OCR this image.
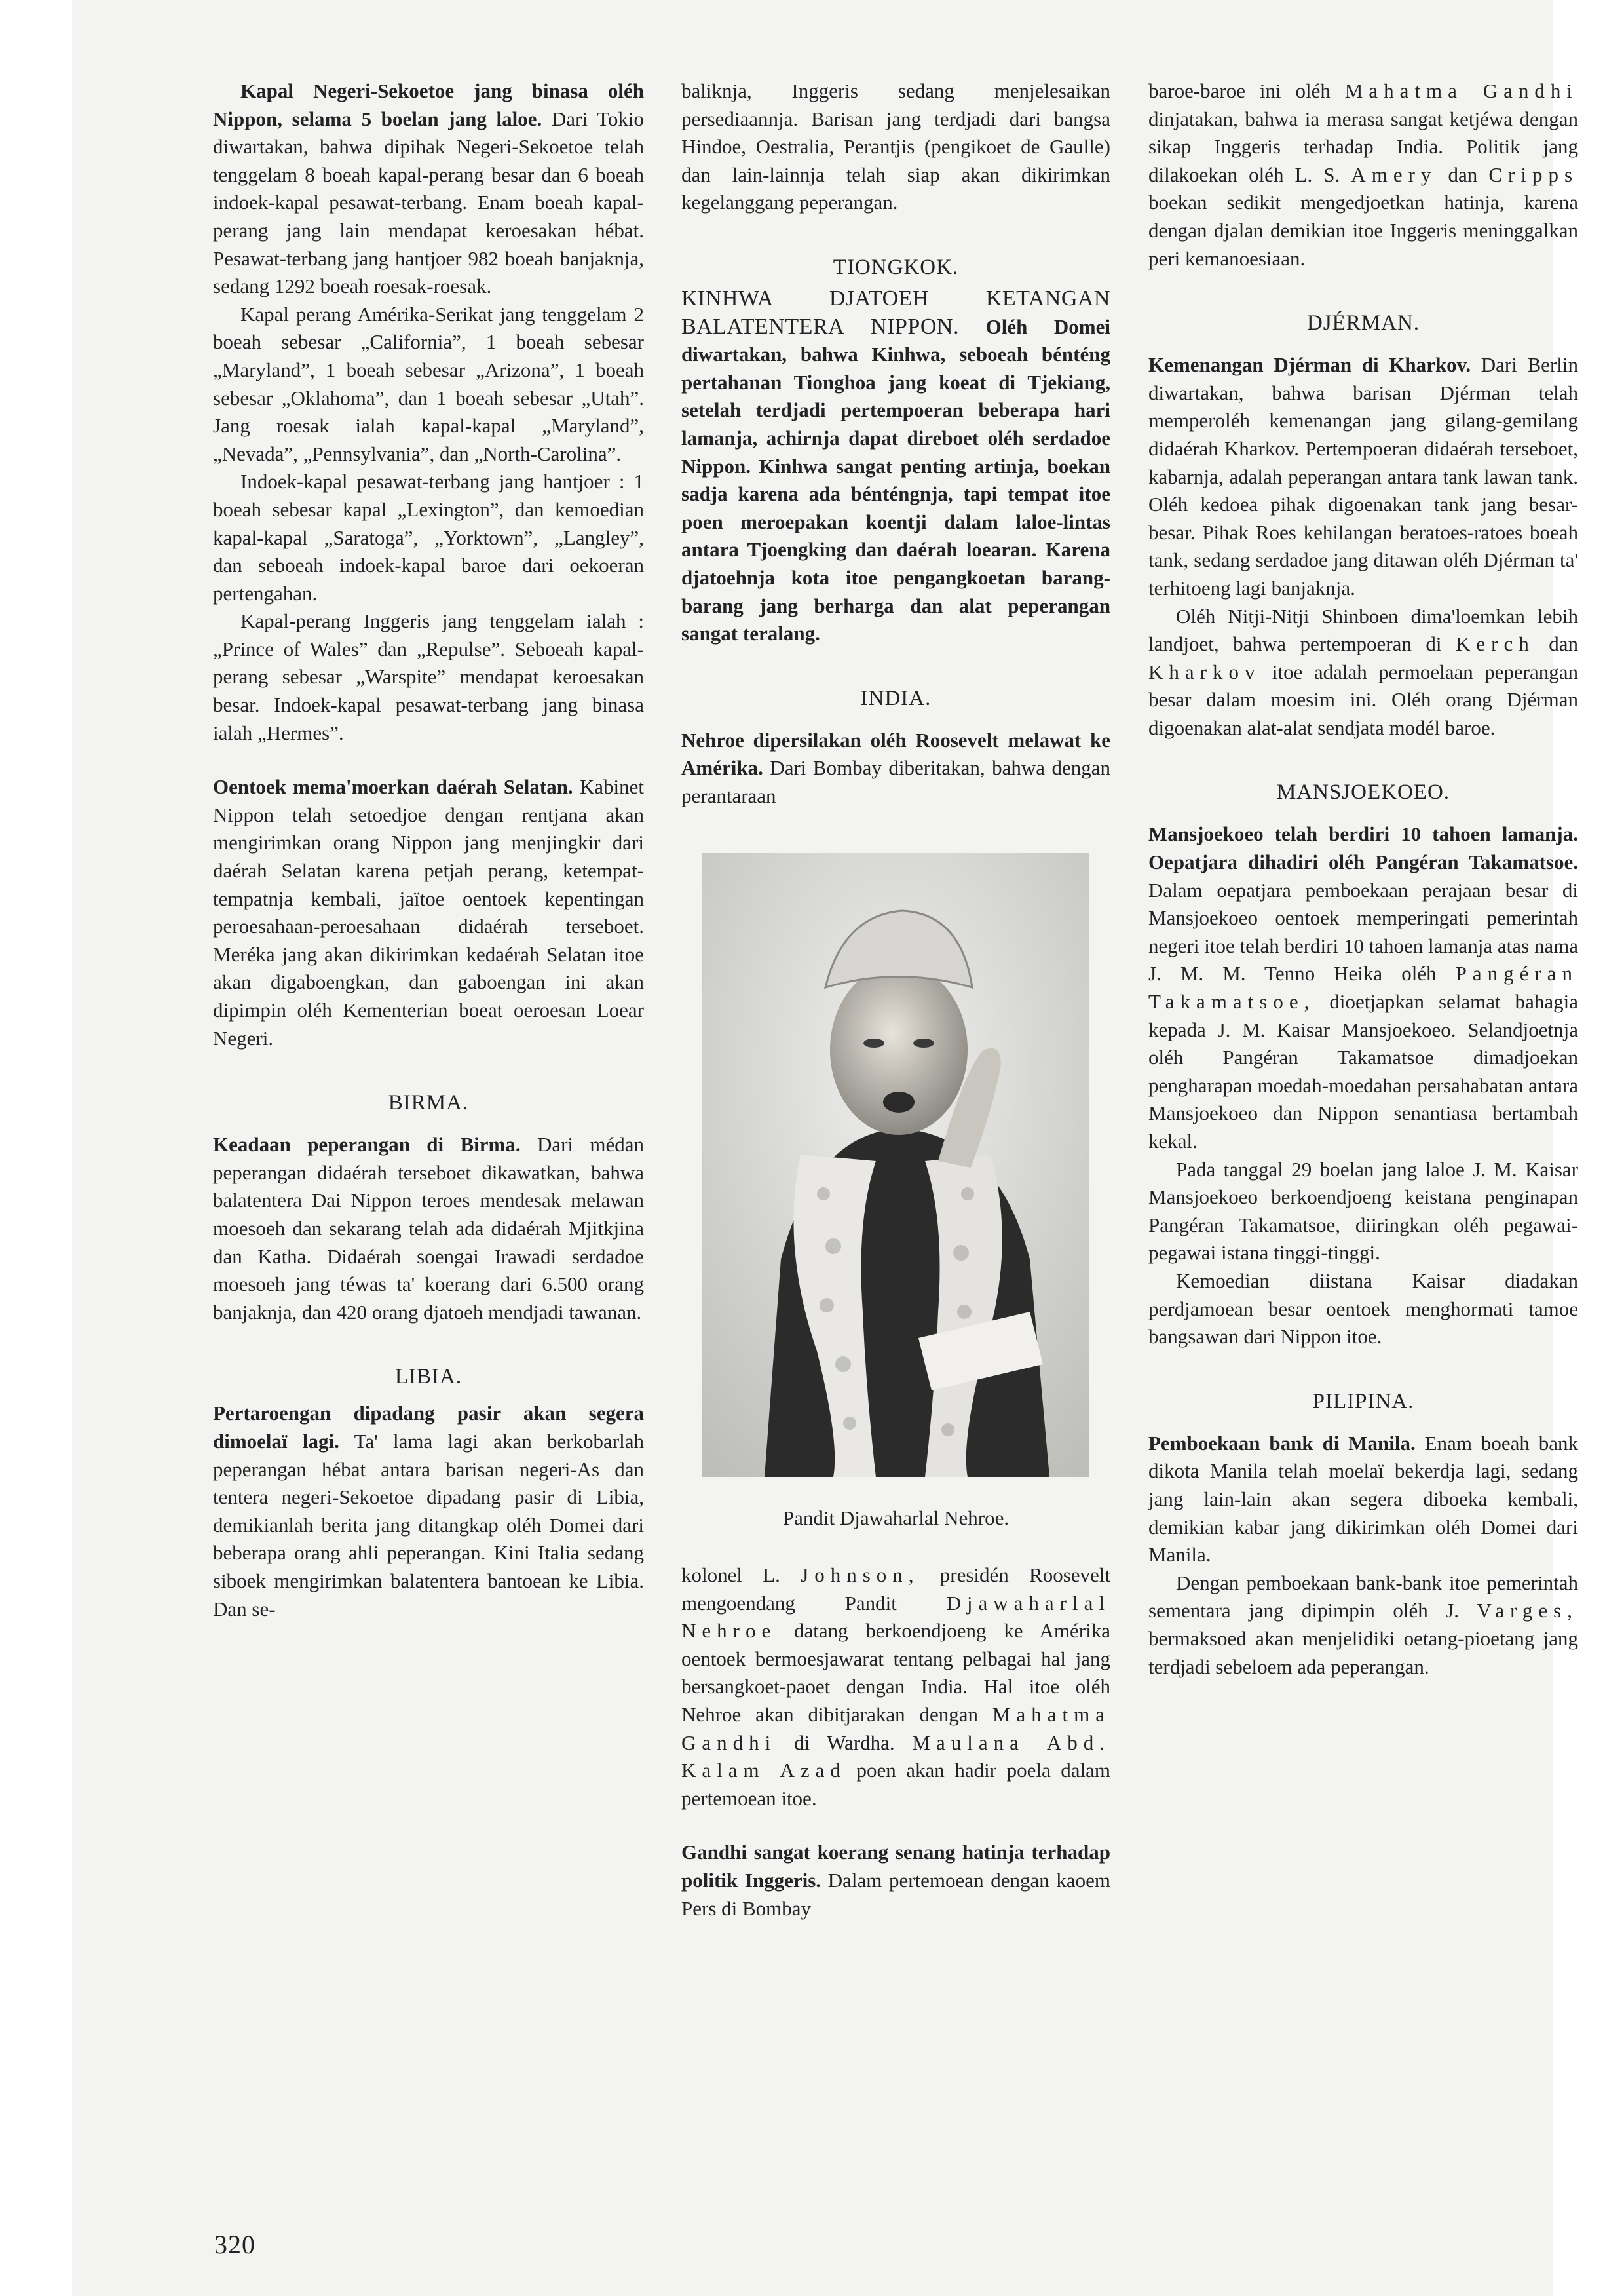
Kapal Negeri-Sekoetoe jang binasa oléh Nippon, selama 5 boelan jang laloe. Dari Tokio diwartakan, bahwa dipihak Negeri-Sekoetoe telah tenggelam 8 boeah kapal-perang besar dan 6 boeah indoek-kapal pesawat-terbang. Enam boeah kapal-perang jang lain mendapat keroesakan hébat. Pesawat-terbang jang hantjoer 982 boeah banjaknja, sedang 1292 boeah roesak-roesak.

Kapal perang Amérika-Serikat jang tenggelam 2 boeah sebesar „California”, 1 boeah sebesar „Maryland”, 1 boeah sebesar „Arizona”, 1 boeah sebesar „Oklahoma”, dan 1 boeah sebesar „Utah”. Jang roesak ialah kapal-kapal „Maryland”, „Nevada”, „Pennsylvania”, dan „North-Carolina”.

Indoek-kapal pesawat-terbang jang hantjoer : 1 boeah sebesar kapal „Lexington”, dan kemoedian kapal-kapal „Saratoga”, „Yorktown”, „Langley”, dan seboeah indoek-kapal baroe dari oekoeran pertengahan.

Kapal-perang Inggeris jang tenggelam ialah : „Prince of Wales” dan „Repulse”. Seboeah kapal-perang sebesar „Warspite” mendapat keroesakan besar. Indoek-kapal pesawat-terbang jang binasa ialah „Hermes”.

Oentoek mema'moerkan daérah Selatan. Kabinet Nippon telah setoedjoe dengan rentjana akan mengirimkan orang Nippon jang menjingkir dari daérah Selatan karena petjah perang, ketempat-tempatnja kembali, jaïtoe oentoek kepentingan peroesahaan-peroesahaan didaérah terseboet. Meréka jang akan dikirimkan kedaérah Selatan itoe akan digaboengkan, dan gaboengan ini akan dipimpin oléh Kementerian boeat oeroesan Loear Negeri.

BIRMA.

Keadaan peperangan di Birma. Dari médan peperangan didaérah terseboet dikawatkan, bahwa balatentera Dai Nippon teroes mendesak melawan moesoeh dan sekarang telah ada didaérah Mjitkjina dan Katha. Didaérah soengai Irawadi serdadoe moesoeh jang téwas ta' koerang dari 6.500 orang banjaknja, dan 420 orang djatoeh mendjadi tawanan.

LIBIA.

Pertaroengan dipadang pasir akan segera dimoelaï lagi. Ta' lama lagi akan berkobarlah peperangan hébat antara barisan negeri-As dan tentera negeri-Sekoetoe dipadang pasir di Libia, demikianlah berita jang ditangkap oléh Domei dari beberapa orang ahli peperangan. Kini Italia sedang siboek mengirimkan balatentera bantoean ke Libia. Dan se-

baliknja, Inggeris sedang menjelesaikan persediaannja. Barisan jang terdjadi dari bangsa Hindoe, Oestralia, Perantjis (pengikoet de Gaulle) dan lain-lainnja telah siap akan dikirimkan kegelanggang peperangan.

TIONGKOK.

KINHWA DJATOEH KETANGAN BALATENTERA NIPPON. Oléh Domei diwartakan, bahwa Kinhwa, seboeah bénténg pertahanan Tionghoa jang koeat di Tjekiang, setelah terdjadi pertempoeran beberapa hari lamanja, achirnja dapat direboet oléh serdadoe Nippon. Kinhwa sangat penting artinja, boekan sadja karena ada bénténgnja, tapi tempat itoe poen meroepakan koentji dalam laloe-lintas antara Tjoengking dan daérah loearan. Karena djatoehnja kota itoe pengangkoetan barang-barang jang berharga dan alat peperangan sangat teralang.

INDIA.

Nehroe dipersilakan oléh Roosevelt melawat ke Amérika. Dari Bombay diberitakan, bahwa dengan perantaraan

Pandit Djawaharlal Nehroe.

kolonel L. Johnson, presidén Roosevelt mengoendang Pandit Djawaharlal Nehroe datang berkoendjoeng ke Amérika oentoek bermoesjawarat tentang pelbagai hal jang bersangkoet-paoet dengan India. Hal itoe oléh Nehroe akan dibitjarakan dengan Mahatma Gandhi di Wardha. Maulana Abd. Kalam Azad poen akan hadir poela dalam pertemoean itoe.

Gandhi sangat koerang senang hatinja terhadap politik Inggeris. Dalam pertemoean dengan kaoem Pers di Bombay

baroe-baroe ini oléh Mahatma Gandhi dinjatakan, bahwa ia merasa sangat ketjéwa dengan sikap Inggeris terhadap India. Politik jang dilakoekan oléh L. S. Amery dan Cripps boekan sedikit mengedjoetkan hatinja, karena dengan djalan demikian itoe Inggeris meninggalkan peri kemanoesiaan.

DJÉRMAN.

Kemenangan Djérman di Kharkov. Dari Berlin diwartakan, bahwa barisan Djérman telah memperoléh kemenangan jang gilang-gemilang didaérah Kharkov. Pertempoeran didaérah terseboet, kabarnja, adalah peperangan antara tank lawan tank. Oléh kedoea pihak digoenakan tank jang besar-besar. Pihak Roes kehilangan beratoes-ratoes boeah tank, sedang serdadoe jang ditawan oléh Djérman ta' terhitoeng lagi banjaknja.

Oléh Nitji-Nitji Shinboen dima'loemkan lebih landjoet, bahwa pertempoeran di Kerch dan Kharkov itoe adalah permoelaan peperangan besar dalam moesim ini. Oléh orang Djérman digoenakan alat-alat sendjata modél baroe.

MANSJOEKOEO.

Mansjoekoeo telah berdiri 10 tahoen lamanja. Oepatjara dihadiri oléh Pangéran Takamatsoe. Dalam oepatjara pemboekaan perajaan besar di Mansjoekoeo oentoek memperingati pemerintah negeri itoe telah berdiri 10 tahoen lamanja atas nama J. M. M. Tenno Heika oléh Pangéran Takamatsoe, dioetjapkan selamat bahagia kepada J. M. Kaisar Mansjoekoeo. Selandjoetnja oléh Pangéran Takamatsoe dimadjoekan pengharapan moedah-moedahan persahabatan antara Mansjoekoeo dan Nippon senantiasa bertambah kekal.

Pada tanggal 29 boelan jang laloe J. M. Kaisar Mansjoekoeo berkoendjoeng keistana penginapan Pangéran Takamatsoe, diiringkan oléh pegawai-pegawai istana tinggi-tinggi.

Kemoedian diistana Kaisar diadakan perdjamoean besar oentoek menghormati tamoe bangsawan dari Nippon itoe.

PILIPINA.

Pemboekaan bank di Manila. Enam boeah bank dikota Manila telah moelaï bekerdja lagi, sedang jang lain-lain akan segera diboeka kembali, demikian kabar jang dikirimkan oléh Domei dari Manila.

Dengan pemboekaan bank-bank itoe pemerintah sementara jang dipimpin oléh J. Varges, bermaksoed akan menjelidiki oetang-pioetang jang terdjadi sebeloem ada peperangan.

320
